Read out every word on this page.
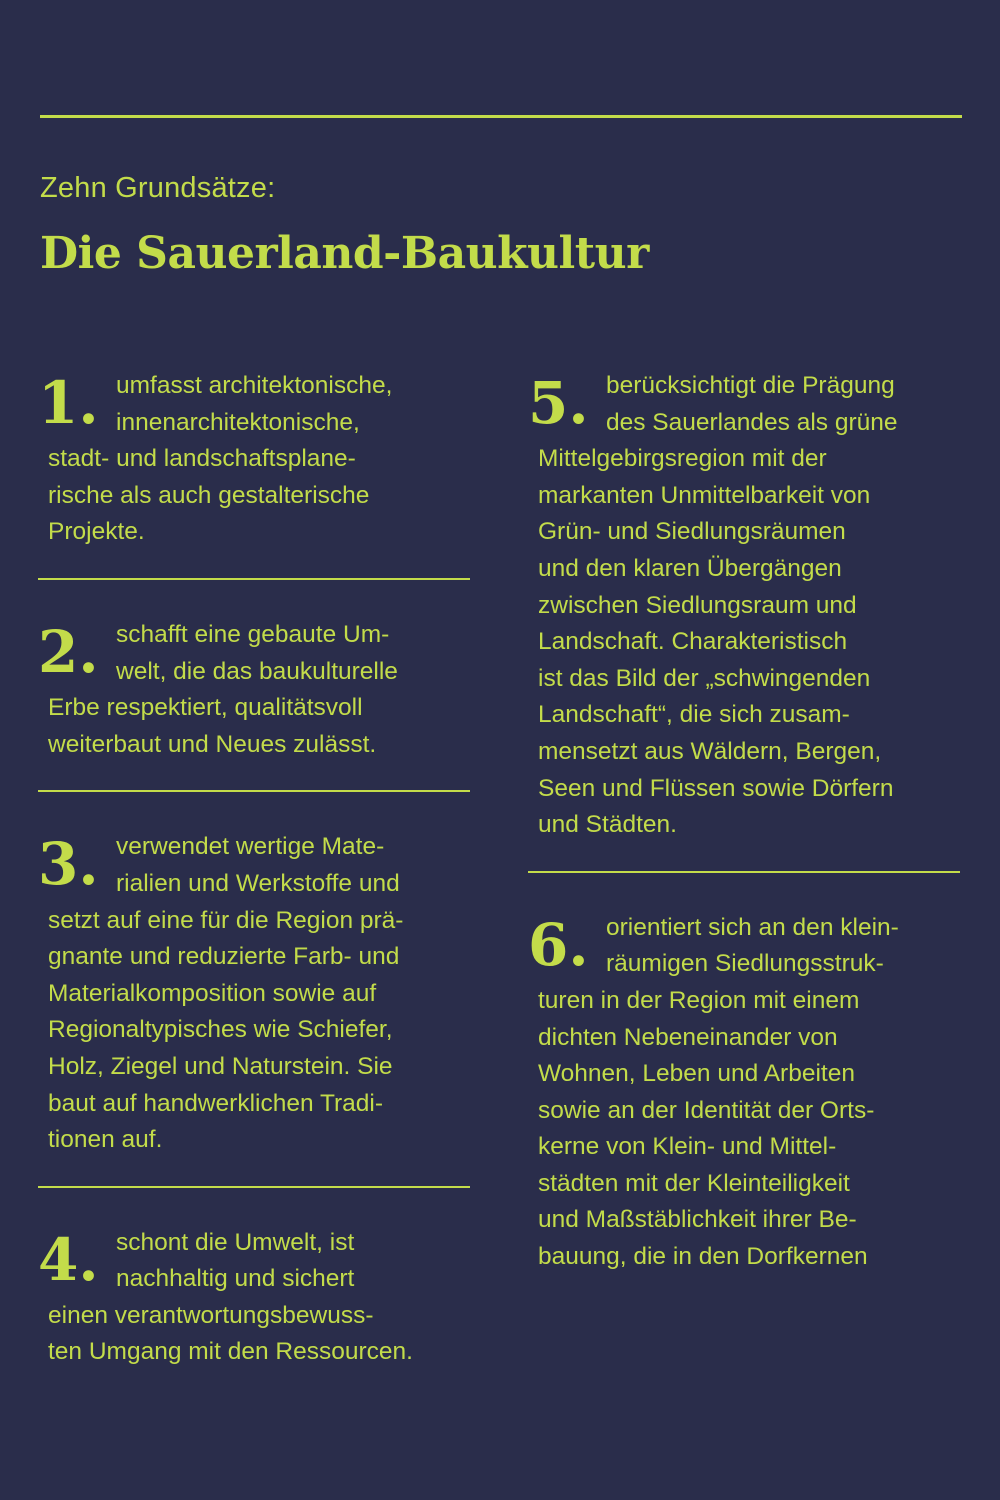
Zehn Grundsätze:
Die Sauerland-Baukultur
1. umfasst architektonische,
innenarchitektonische,
stadt- und landschaftsplane-
rische als auch gestalterische
Projekte.

2. schafft eine gebaute Um-
welt, die das baukulturelle
Erbe respektiert, qualitätsvoll
weiterbaut und Neues zulässt.

3. verwendet wertige Mate-
rialien und Werkstoffe und
setzt auf eine für die Region prä-
gnante und reduzierte Farb- und
Materialkomposition sowie auf
Regionaltypisches wie Schiefer,
Holz, Ziegel und Naturstein. Sie
baut auf handwerklichen Tradi-
tionen auf.

4. schont die Umwelt, ist
nachhaltig und sichert
einen verantwortungsbewuss-
ten Umgang mit den Ressourcen.

5. berücksichtigt die Prägung
des Sauerlandes als grüne
Mittelgebirgsregion mit der
markanten Unmittelbarkeit von
Grün- und Siedlungsräumen
und den klaren Übergängen
zwischen Siedlungsraum und
Landschaft. Charakteristisch
ist das Bild der „schwingenden
Landschaft“, die sich zusam-
mensetzt aus Wäldern, Bergen,
Seen und Flüssen sowie Dörfern
und Städten.

6. orientiert sich an den klein-
räumigen Siedlungsstruk-
turen in der Region mit einem
dichten Nebeneinander von
Wohnen, Leben und Arbeiten
sowie an der Identität der Orts-
kerne von Klein- und Mittel-
städten mit der Kleinteiligkeit
und Maßstäblichkeit ihrer Be-
bauung, die in den Dorfkernen
